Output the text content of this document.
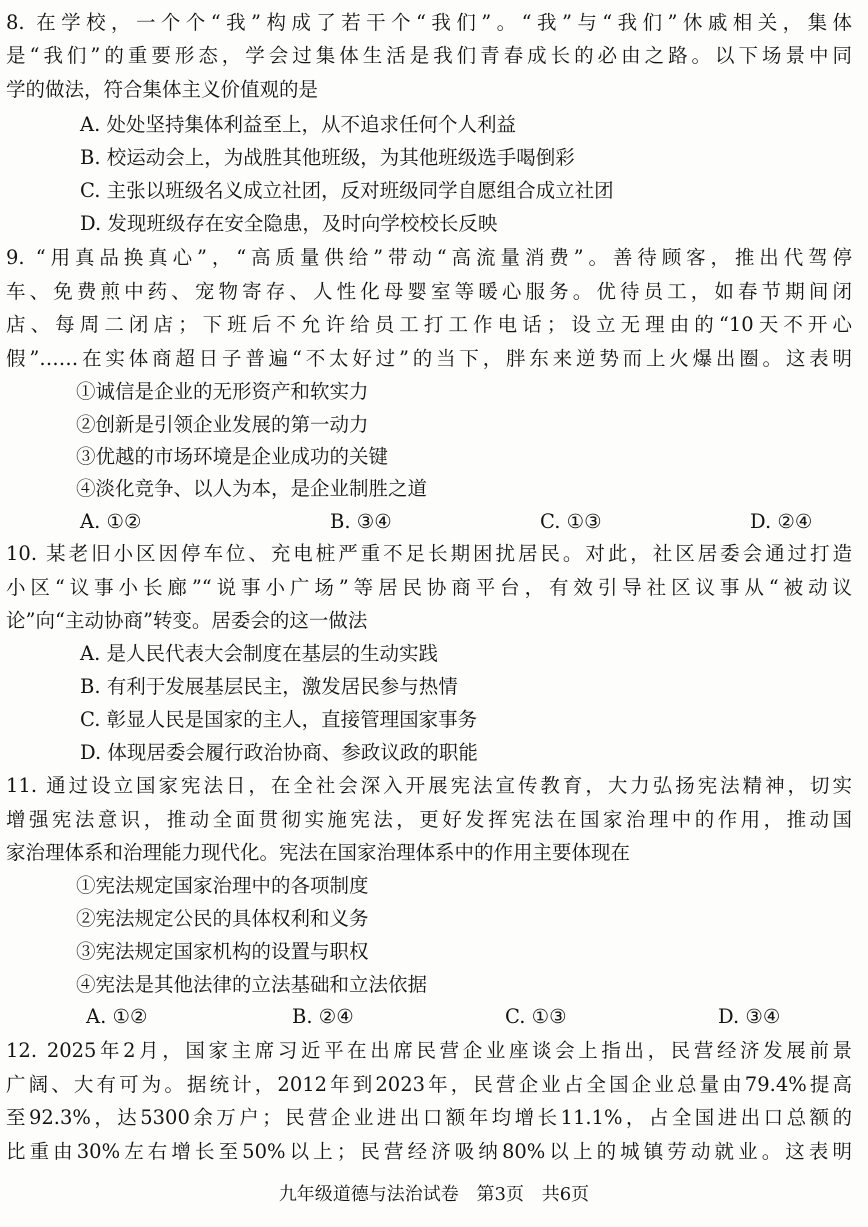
8. 在学校，一个个“我”构成了若干个“我们”。“我”与“我们”休戚相关，集体
是“我们”的重要形态，学会过集体生活是我们青春成长的必由之路。以下场景中同
学的做法，符合集体主义价值观的是
A. 处处坚持集体利益至上，从不追求任何个人利益
B. 校运动会上，为战胜其他班级，为其他班级选手喝倒彩
C. 主张以班级名义成立社团，反对班级同学自愿组合成立社团
D. 发现班级存在安全隐患，及时向学校校长反映
9. “用真品换真心”，“高质量供给”带动“高流量消费”。善待顾客，推出代驾停
车、免费煎中药、宠物寄存、人性化母婴室等暖心服务。优待员工，如春节期间闭
店、每周二闭店；下班后不允许给员工打工作电话；设立无理由的“10天不开心
假”……在实体商超日子普遍“不太好过”的当下，胖东来逆势而上火爆出圈。这表明
①诚信是企业的无形资产和软实力
②创新是引领企业发展的第一动力
③优越的市场环境是企业成功的关键
④淡化竞争、以人为本，是企业制胜之道
A. ①②	B. ③④	C. ①③	D. ②④
10. 某老旧小区因停车位、充电桩严重不足长期困扰居民。对此，社区居委会通过打造
小区“议事小长廊”“说事小广场”等居民协商平台，有效引导社区议事从“被动议
论”向“主动协商”转变。居委会的这一做法
A. 是人民代表大会制度在基层的生动实践
B. 有利于发展基层民主，激发居民参与热情
C. 彰显人民是国家的主人，直接管理国家事务
D. 体现居委会履行政治协商、参政议政的职能
11. 通过设立国家宪法日，在全社会深入开展宪法宣传教育，大力弘扬宪法精神，切实
增强宪法意识，推动全面贯彻实施宪法，更好发挥宪法在国家治理中的作用，推动国
家治理体系和治理能力现代化。宪法在国家治理体系中的作用主要体现在
①宪法规定国家治理中的各项制度
②宪法规定公民的具体权利和义务
③宪法规定国家机构的设置与职权
④宪法是其他法律的立法基础和立法依据
A. ①②	B. ②④	C. ①③	D. ③④
12. 2025年2月，国家主席习近平在出席民营企业座谈会上指出，民营经济发展前景
广阔、大有可为。据统计，2012年到2023年，民营企业占全国企业总量由79.4%提高
至92.3%，达5300余万户；民营企业进出口额年均增长11.1%，占全国进出口总额的
比重由30%左右增长至50%以上；民营经济吸纳80%以上的城镇劳动就业。这表明
九年级道德与法治试卷 第3页 共6页
